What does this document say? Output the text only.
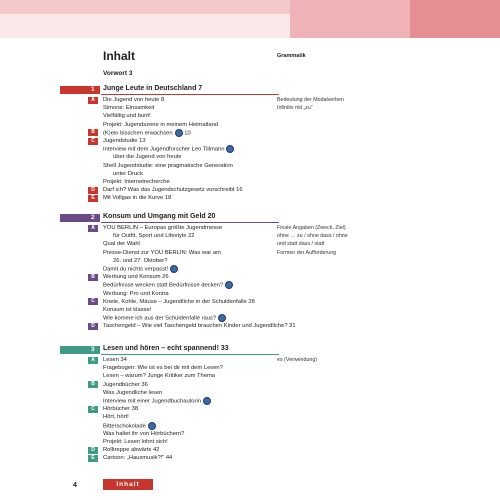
Inhalt	Grammatik
Vorwort 3
1 Junge Leute in Deutschland 7
A	Die Jugend von heute 8	Bedeutung der Modalverben
Simone: Einsamkeit	Infinitiv mit „zu“
Vielfältig und bunt!
Projekt: Jugendszene in meinem Heimatland
B	(K)ein bisschen erwachsen 10
C	Jugendstudie 13
Interview mit dem Jugendforscher Leo Tillmann
über die Jugend von heute
Shell Jugendstudie: eine pragmatische Generation
unter Druck
Projekt: Internetrecherche
D	Darf ich? Was das Jugendschutzgesetz vorschreibt 16
E	Mit Vollgas in die Kurve 18
2 Konsum und Umgang mit Geld 20
A	YOU BERLIN – Europas größte Jugendmesse	Finale Angaben (Zweck, Ziel)
für Outfit, Sport und Lifestyle 22	ohne … zu / ohne dass / ohne
Qual der Wahl	und statt dass / statt
Presse-Dienst zur YOU BERLIN: Was war am	Formen der Aufforderung
26. und 27. Oktober?
Damit du nichts verpasst!
B	Werbung und Konsum 26
Bedürfnisse wecken statt Bedürfnisse decken?
Werbung: Pro und Kontra
C	Knete, Kohle, Mäuse – Jugendliche in der Schuldenfalle 28
Konsum ist klasse!
Wie komme ich aus der Schuldenfalle raus?
D	Taschengeld – Wie viel Taschengeld brauchen Kinder und Jugendliche? 31
3 Lesen und hören – echt spannend! 33
A	Lesen 34	es (Verwendung)
Fragebogen: Wie ist es bei dir mit dem Lesen?
Lesen – warum? Junge Kritiker zum Thema
B	Jugendbücher 36
Was Jugendliche lesen
Interview mit einer Jugendbuchautorin
C	Hörbücher 38
Hört, hört!
Bitterschokolade
Was haltet ihr von Hörbüchern?
Projekt: Lesen lohnt sich!
D	Rolltreppe abwärts 42
E	Cartoon: „Hausmusik?!“ 44
4	Inhalt
